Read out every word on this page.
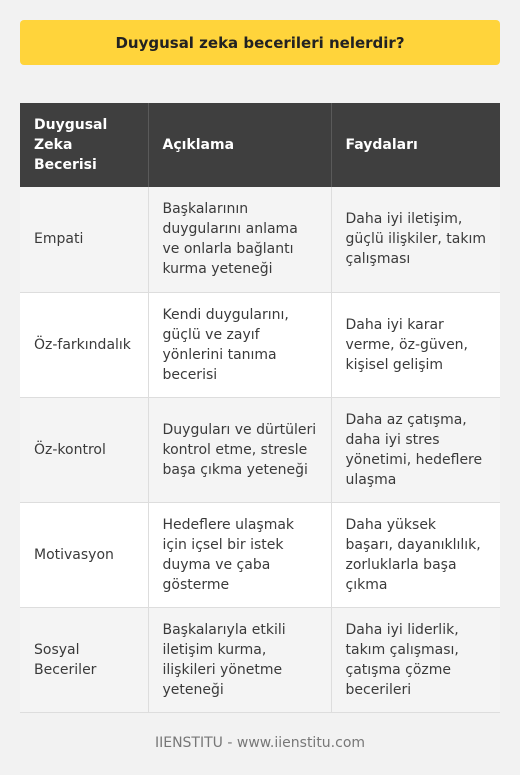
Duygusal zeka becerileri nelerdir?
Duygusal Zeka Becerisi	Açıklama	Faydaları
Empati	Başkalarının duygularını anlama ve onlarla bağlantı kurma yeteneği	Daha iyi iletişim, güçlü ilişkiler, takım çalışması
Öz-farkındalık	Kendi duygularını, güçlü ve zayıf yönlerini tanıma becerisi	Daha iyi karar verme, öz-güven, kişisel gelişim
Öz-kontrol	Duyguları ve dürtüleri kontrol etme, stresle başa çıkma yeteneği	Daha az çatışma, daha iyi stres yönetimi, hedeflere ulaşma
Motivasyon	Hedeflere ulaşmak için içsel bir istek duyma ve çaba gösterme	Daha yüksek başarı, dayanıklılık, zorluklarla başa çıkma
Sosyal Beceriler	Başkalarıyla etkili iletişim kurma, ilişkileri yönetme yeteneği	Daha iyi liderlik, takım çalışması, çatışma çözme becerileri
IIENSTITU - www.iienstitu.com
